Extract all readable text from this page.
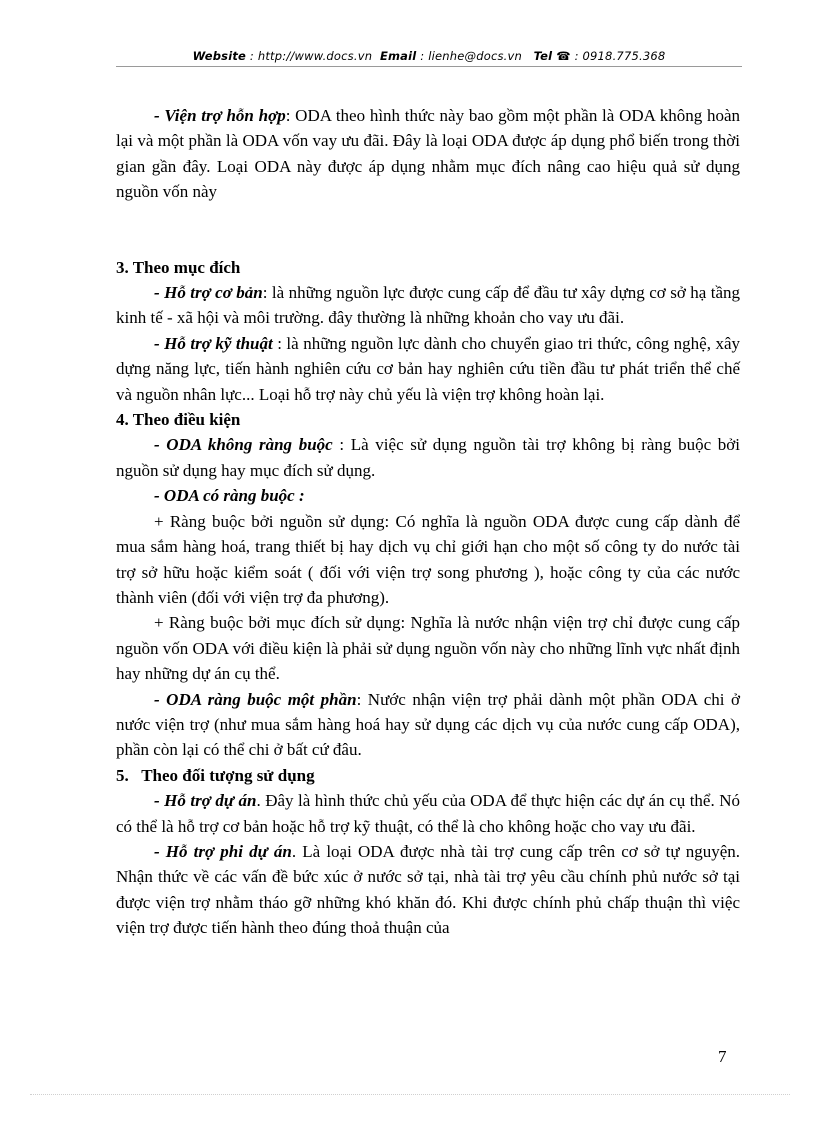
Website : http://www.docs.vn Email : lienhe@docs.vn Tel ☎ : 0918.775.368

- Viện trợ hỗn hợp: ODA theo hình thức này bao gồm một phần là ODA không hoàn lại và một phần là ODA vốn vay ưu đãi. Đây là loại ODA được áp dụng phổ biến trong thời gian gần đây. Loại ODA này được áp dụng nhằm mục đích nâng cao hiệu quả sử dụng nguồn vốn này

3. Theo mục đích

- Hỗ trợ cơ bản: là những nguồn lực được cung cấp để đầu tư xây dựng cơ sở hạ tầng kinh tế - xã hội và môi trường. đây thường là những khoản cho vay ưu đãi.

- Hỗ trợ kỹ thuật : là những nguồn lực dành cho chuyển giao tri thức, công nghệ, xây dựng năng lực, tiến hành nghiên cứu cơ bản hay nghiên cứu tiền đầu tư phát triển thể chế và nguồn nhân lực... Loại hỗ trợ này chủ yếu là viện trợ không hoàn lại.

4. Theo điều kiện

- ODA không ràng buộc : Là việc sử dụng nguồn tài trợ không bị ràng buộc bởi nguồn sử dụng hay mục đích sử dụng.

- ODA có ràng buộc :

+ Ràng buộc bởi nguồn sử dụng: Có nghĩa là nguồn ODA được cung cấp dành để mua sắm hàng hoá, trang thiết bị hay dịch vụ chỉ giới hạn cho một số công ty do nước tài trợ sở hữu hoặc kiểm soát ( đối với viện trợ song phương ), hoặc công ty của các nước thành viên (đối với viện trợ đa phương).

+ Ràng buộc bởi mục đích sử dụng: Nghĩa là nước nhận viện trợ chỉ được cung cấp nguồn vốn ODA với điều kiện là phải sử dụng nguồn vốn này cho những lĩnh vực nhất định hay những dự án cụ thể.

- ODA ràng buộc một phần: Nước nhận viện trợ phải dành một phần ODA chi ở nước viện trợ (như mua sắm hàng hoá hay sử dụng các dịch vụ của nước cung cấp ODA), phần còn lại có thể chi ở bất cứ đâu.

5.   Theo đối tượng sử dụng

- Hỗ trợ dự án. Đây là hình thức chủ yếu của ODA để thực hiện các dự án cụ thể. Nó có thể là hỗ trợ cơ bản hoặc hỗ trợ kỹ thuật, có thể là cho không hoặc cho vay ưu đãi.

- Hỗ trợ phi dự án. Là loại ODA được nhà tài trợ cung cấp trên cơ sở tự nguyện. Nhận thức về các vấn đề bức xúc ở nước sở tại, nhà tài trợ yêu cầu chính phủ nước sở tại được viện trợ nhằm tháo gỡ những khó khăn đó. Khi được chính phủ chấp thuận thì việc viện trợ được tiến hành theo đúng thoả thuận của

7
